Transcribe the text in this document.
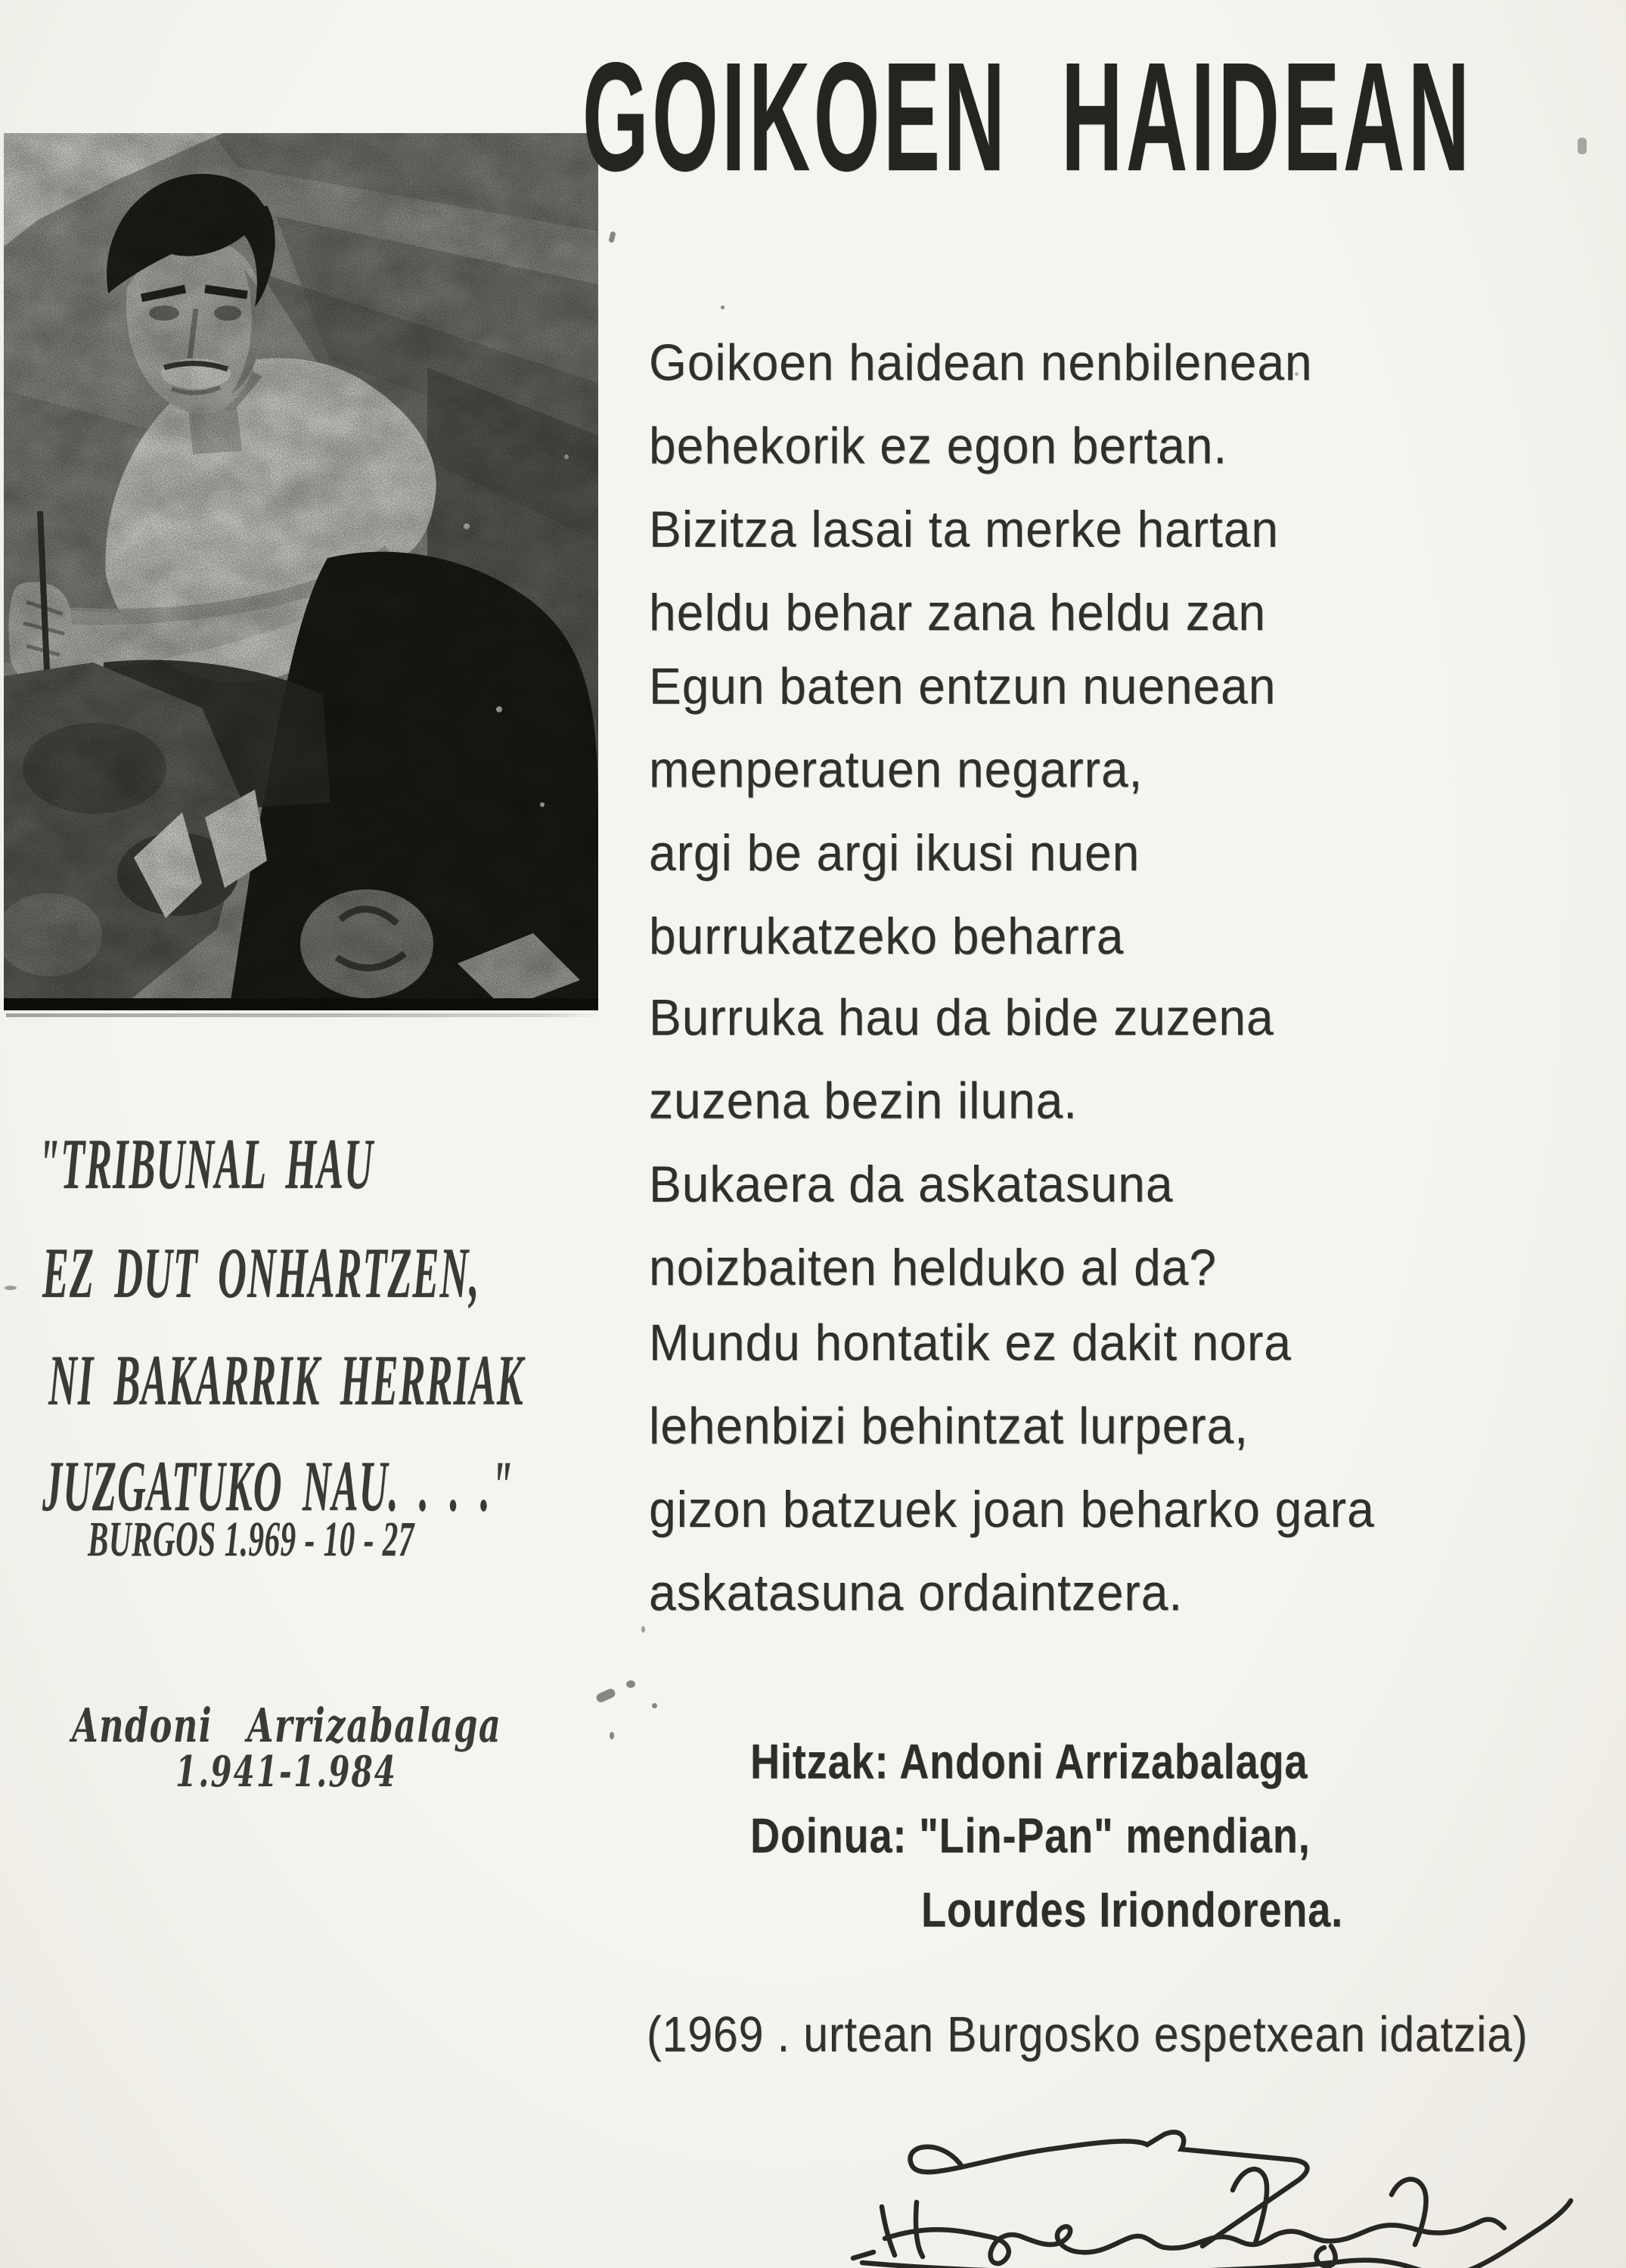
GOIKOEN HAIDEAN
Goikoen haidean nenbilenean
behekorik ez egon bertan.
Bizitza lasai ta merke hartan
heldu behar zana heldu zan
Egun baten entzun nuenean
menperatuen negarra,
argi be argi ikusi nuen
burrukatzeko beharra
Burruka hau da bide zuzena
zuzena bezin iluna.
Bukaera da askatasuna
noizbaiten helduko al da?
Mundu hontatik ez dakit nora
lehenbizi behintzat lurpera,
gizon batzuek joan beharko gara
askatasuna ordaintzera.
"TRIBUNAL HAU
EZ DUT ONHARTZEN,
NI BAKARRIK HERRIAK
JUZGATUKO NAU. . . ."
BURGOS 1.969 - 10 - 27
Andoni Arrizabalaga
1.941-1.984	Hitzak: Andoni Arrizabalaga
Doinua: "Lin-Pan" mendian,
Lourdes Iriondorena.
(1969 . urtean Burgosko espetxean idatzia)
